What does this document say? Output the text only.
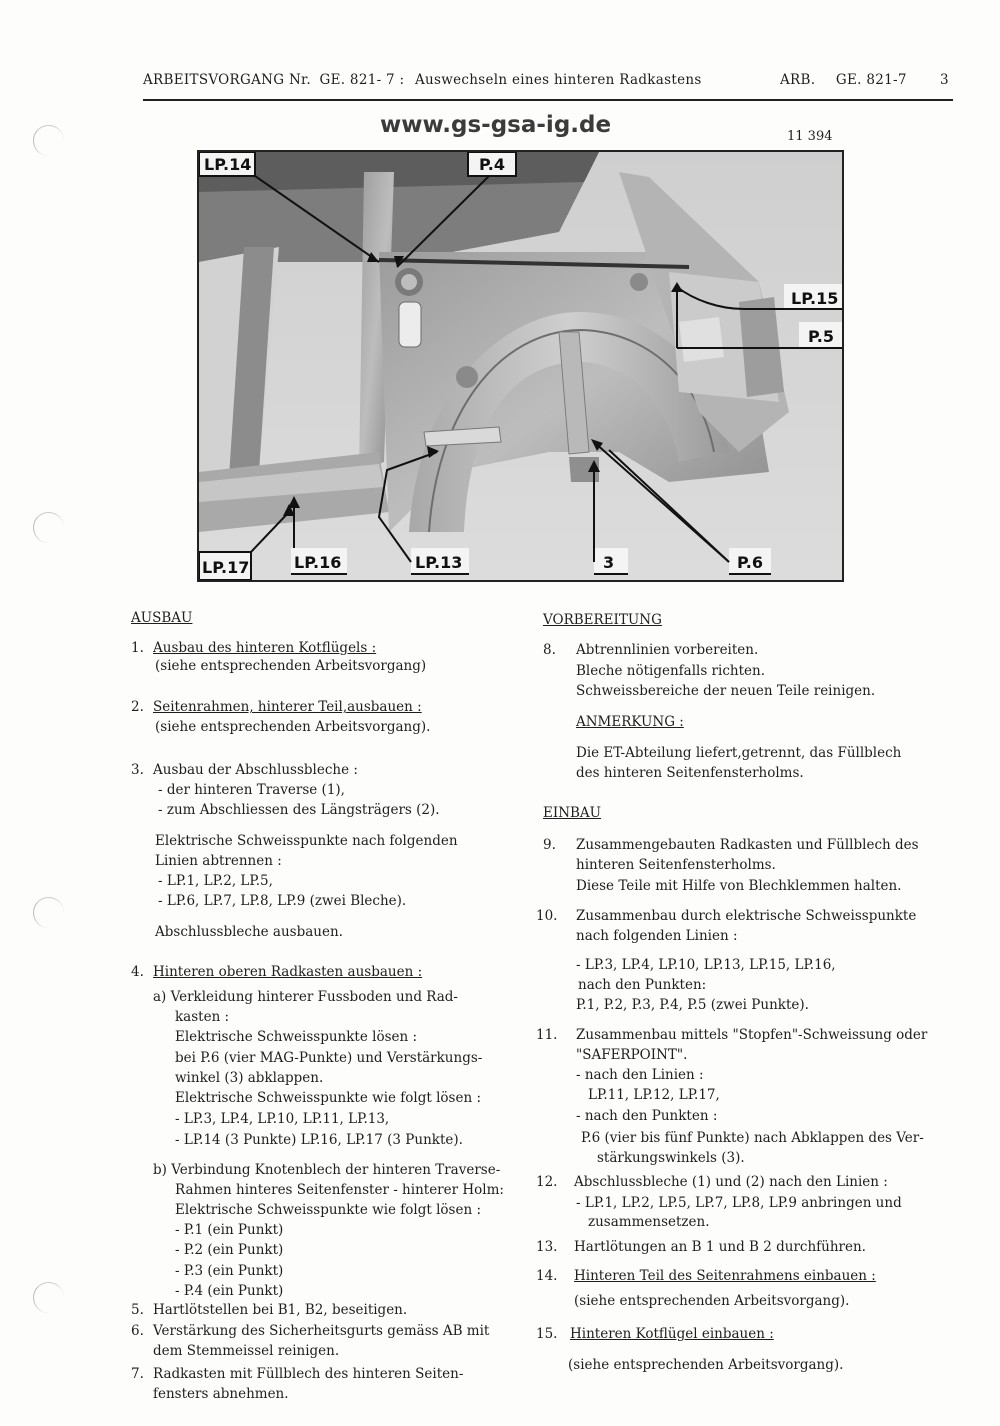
ARBEITSVORGANG Nr. GE. 821- 7 : Auswechseln eines hinteren Radkastens	ARB. GE. 821-7 3
www.gs-gsa-ig.de	11 394
LP.14	P.4
LP.15
P.5
LP.17	LP.16	LP.13	3	P.6
AUSBAU
1. Ausbau des hinteren Kotflügels :
(siehe entsprechenden Arbeitsvorgang)
2. Seitenrahmen, hinterer Teil,ausbauen :
(siehe entsprechenden Arbeitsvorgang).
3. Ausbau der Abschlussbleche :
- der hinteren Traverse (1),
- zum Abschliessen des Längsträgers (2).
Elektrische Schweisspunkte nach folgenden
Linien abtrennen :
- LP.1, LP.2, LP.5,
- LP.6, LP.7, LP.8, LP.9 (zwei Bleche).
Abschlussbleche ausbauen.
4. Hinteren oberen Radkasten ausbauen :
a) Verkleidung hinterer Fussboden und Rad-
kasten :
Elektrische Schweisspunkte lösen :
bei P.6 (vier MAG-Punkte) und Verstärkungs-
winkel (3) abklappen.
Elektrische Schweisspunkte wie folgt lösen :
- LP.3, LP.4, LP.10, LP.11, LP.13,
- LP.14 (3 Punkte) LP.16, LP.17 (3 Punkte).
b) Verbindung Knotenblech der hinteren Traverse-
Rahmen hinteres Seitenfenster - hinterer Holm:
Elektrische Schweisspunkte wie folgt lösen :
- P.1 (ein Punkt)
- P.2 (ein Punkt)
- P.3 (ein Punkt)
- P.4 (ein Punkt)
5. Hartlötstellen bei B1, B2, beseitigen.
6. Verstärkung des Sicherheitsgurts gemäss AB mit
dem Stemmeissel reinigen.
7. Radkasten mit Füllblech des hinteren Seiten-
fensters abnehmen.
VORBEREITUNG
8. Abtrennlinien vorbereiten.
Bleche nötigenfalls richten.
Schweissbereiche der neuen Teile reinigen.
ANMERKUNG :
Die ET-Abteilung liefert,getrennt, das Füllblech
des hinteren Seitenfensterholms.
EINBAU
9. Zusammengebauten Radkasten und Füllblech des
hinteren Seitenfensterholms.
Diese Teile mit Hilfe von Blechklemmen halten.
10. Zusammenbau durch elektrische Schweisspunkte
nach folgenden Linien :
- LP.3, LP.4, LP.10, LP.13, LP.15, LP.16,
nach den Punkten:
P.1, P.2, P.3, P.4, P.5 (zwei Punkte).
11. Zusammenbau mittels "Stopfen"-Schweissung oder
"SAFERPOINT".
- nach den Linien :
LP.11, LP.12, LP.17,
- nach den Punkten :
P.6 (vier bis fünf Punkte) nach Abklappen des Ver-
stärkungswinkels (3).
12. Abschlussbleche (1) und (2) nach den Linien :
- LP.1, LP.2, LP.5, LP.7, LP.8, LP.9 anbringen und
zusammensetzen.
13. Hartlötungen an B 1 und B 2 durchführen.
14. Hinteren Teil des Seitenrahmens einbauen :
(siehe entsprechenden Arbeitsvorgang).
15. Hinteren Kotflügel einbauen :
(siehe entsprechenden Arbeitsvorgang).
